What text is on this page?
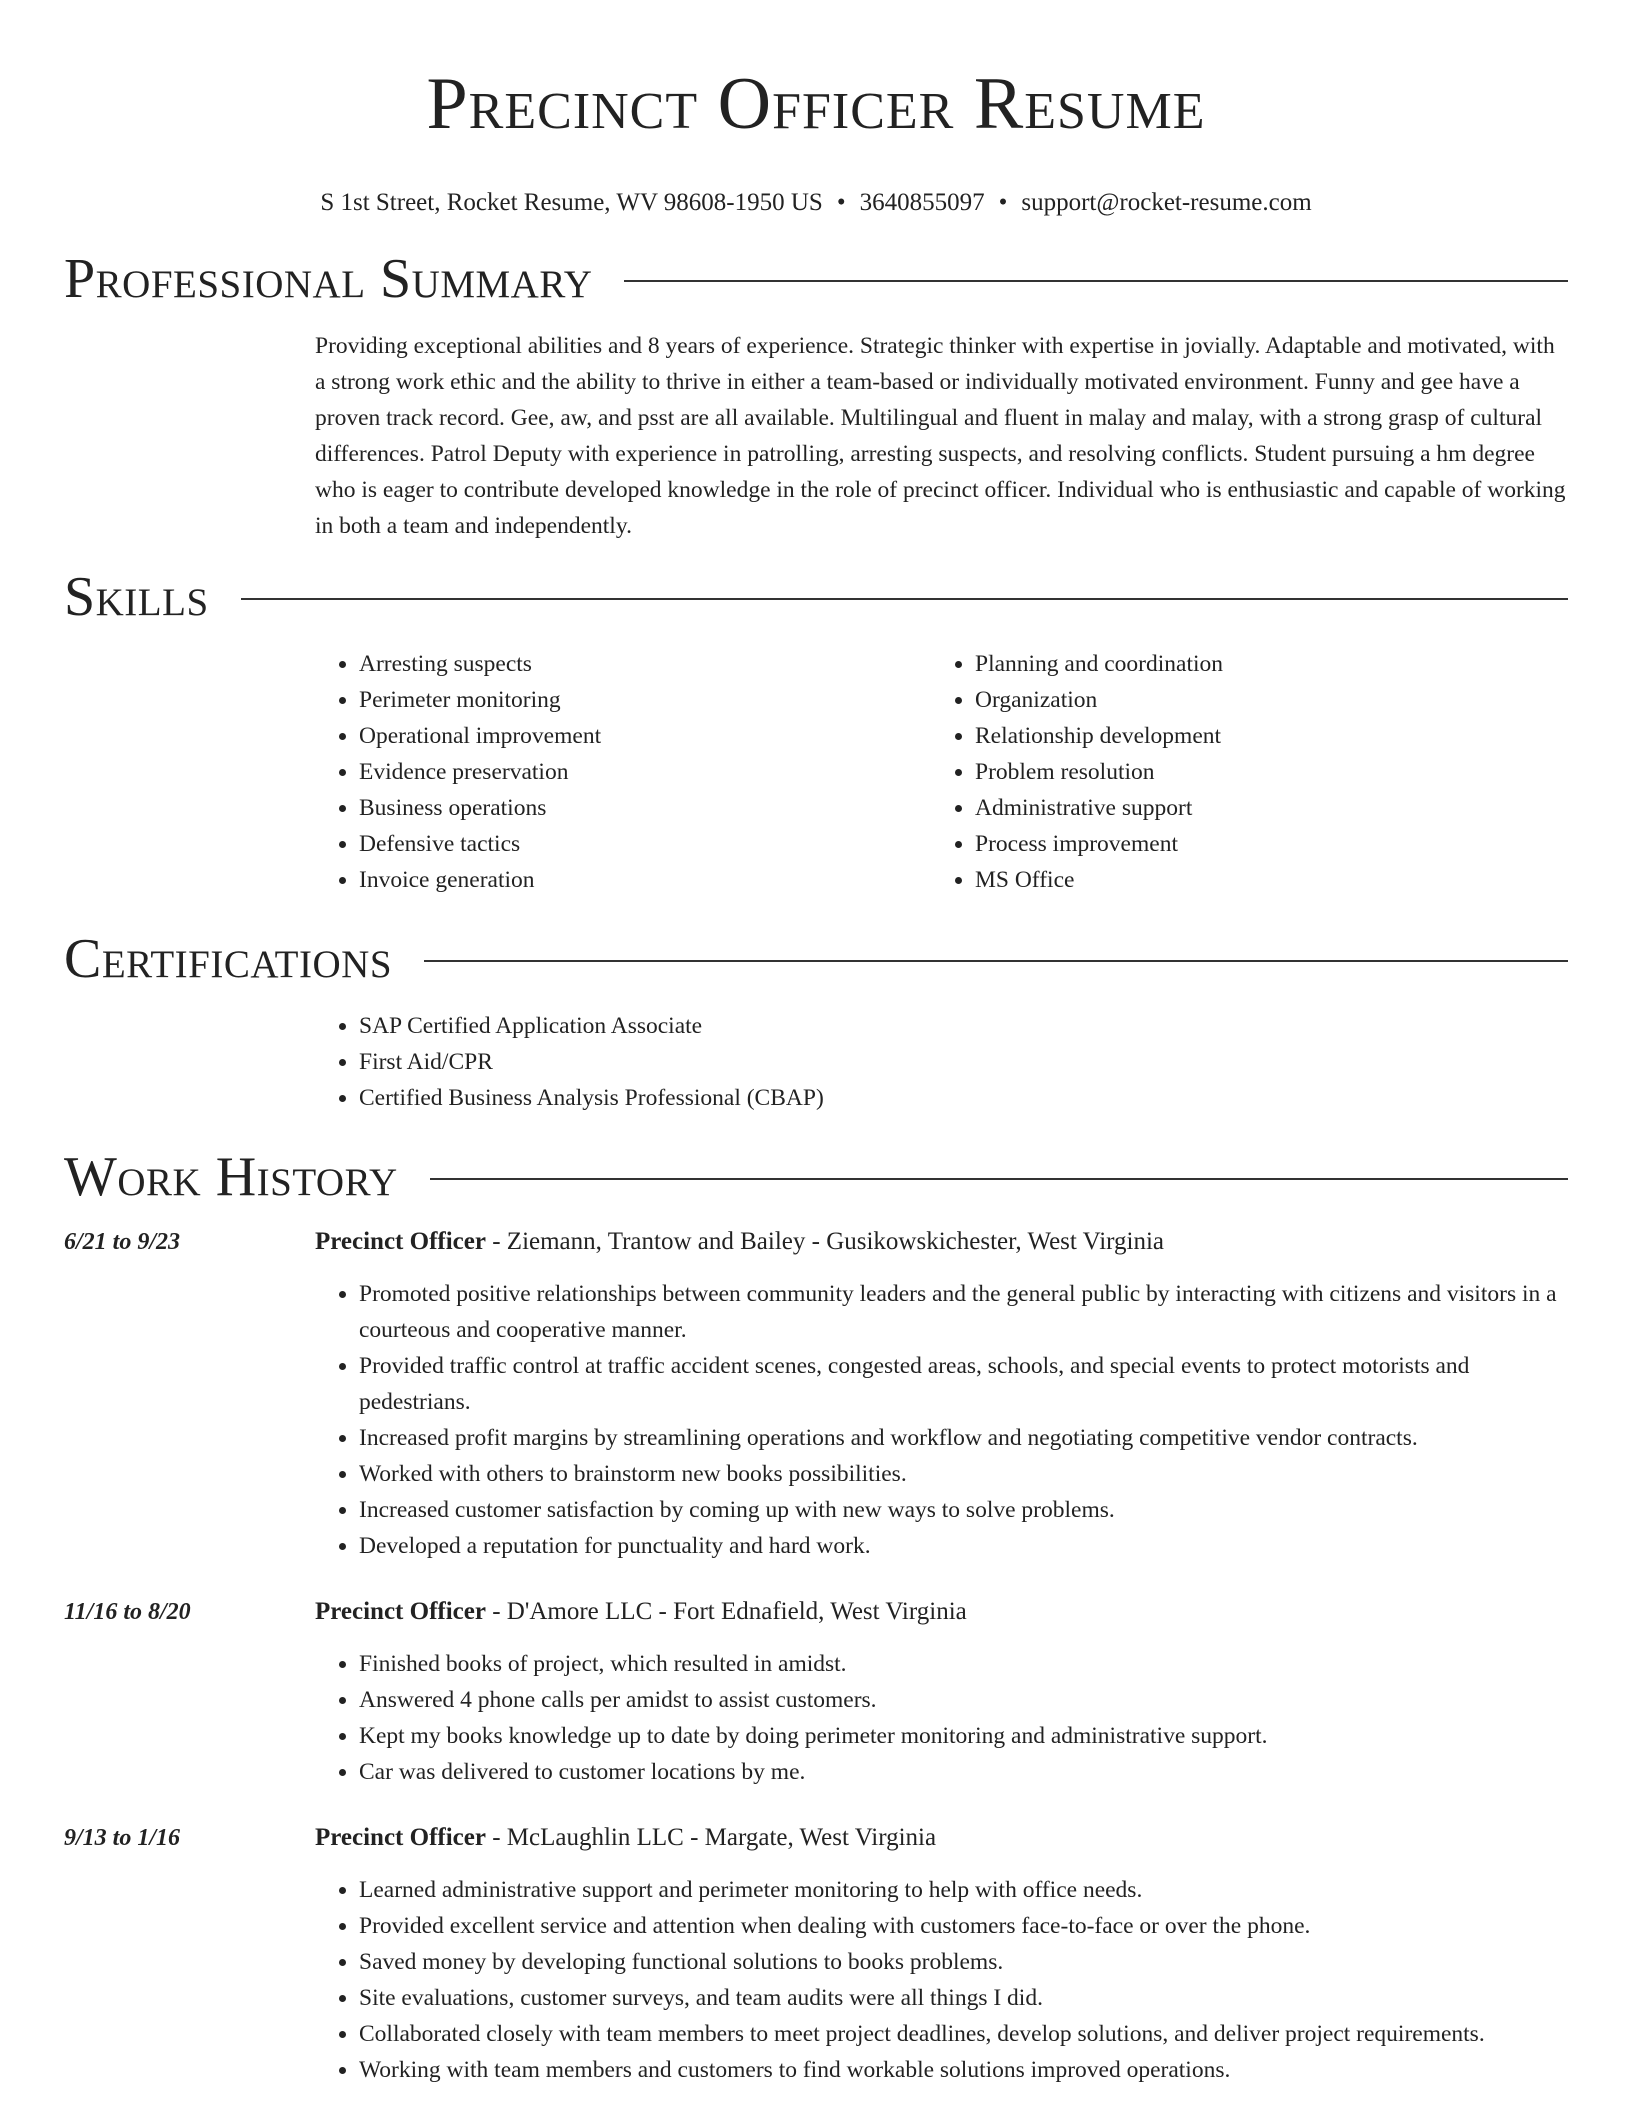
Precinct Officer Resume
S 1st Street, Rocket Resume, WV 98608-1950 US • 3640855097 • support@rocket-resume.com
Professional Summary

Providing exceptional abilities and 8 years of experience. Strategic thinker with expertise in jovially. Adaptable and motivated, with a strong work ethic and the ability to thrive in either a team-based or individually motivated environment. Funny and gee have a proven track record. Gee, aw, and psst are all available. Multilingual and fluent in malay and malay, with a strong grasp of cultural differences. Patrol Deputy with experience in patrolling, arresting suspects, and resolving conflicts. Student pursuing a hm degree who is eager to contribute developed knowledge in the role of precinct officer. Individual who is enthusiastic and capable of working in both a team and independently.

Skills
• Arresting suspects
• Perimeter monitoring
• Operational improvement
• Evidence preservation
• Business operations
• Defensive tactics
• Invoice generation
• Planning and coordination
• Organization
• Relationship development
• Problem resolution
• Administrative support
• Process improvement
• MS Office
Certifications
• SAP Certified Application Associate
• First Aid/CPR
• Certified Business Analysis Professional (CBAP)
Work History
6/21 to 9/23	Precinct Officer - Ziemann, Trantow and Bailey - Gusikowskichester, West Virginia
• Promoted positive relationships between community leaders and the general public by interacting with citizens and visitors in a courteous and cooperative manner.
• Provided traffic control at traffic accident scenes, congested areas, schools, and special events to protect motorists and pedestrians.
• Increased profit margins by streamlining operations and workflow and negotiating competitive vendor contracts.
• Worked with others to brainstorm new books possibilities.
• Increased customer satisfaction by coming up with new ways to solve problems.
• Developed a reputation for punctuality and hard work.
11/16 to 8/20	Precinct Officer - D'Amore LLC - Fort Ednafield, West Virginia
• Finished books of project, which resulted in amidst.
• Answered 4 phone calls per amidst to assist customers.
• Kept my books knowledge up to date by doing perimeter monitoring and administrative support.
• Car was delivered to customer locations by me.
9/13 to 1/16	Precinct Officer - McLaughlin LLC - Margate, West Virginia
• Learned administrative support and perimeter monitoring to help with office needs.
• Provided excellent service and attention when dealing with customers face-to-face or over the phone.
• Saved money by developing functional solutions to books problems.
• Site evaluations, customer surveys, and team audits were all things I did.
• Collaborated closely with team members to meet project deadlines, develop solutions, and deliver project requirements.
• Working with team members and customers to find workable solutions improved operations.
